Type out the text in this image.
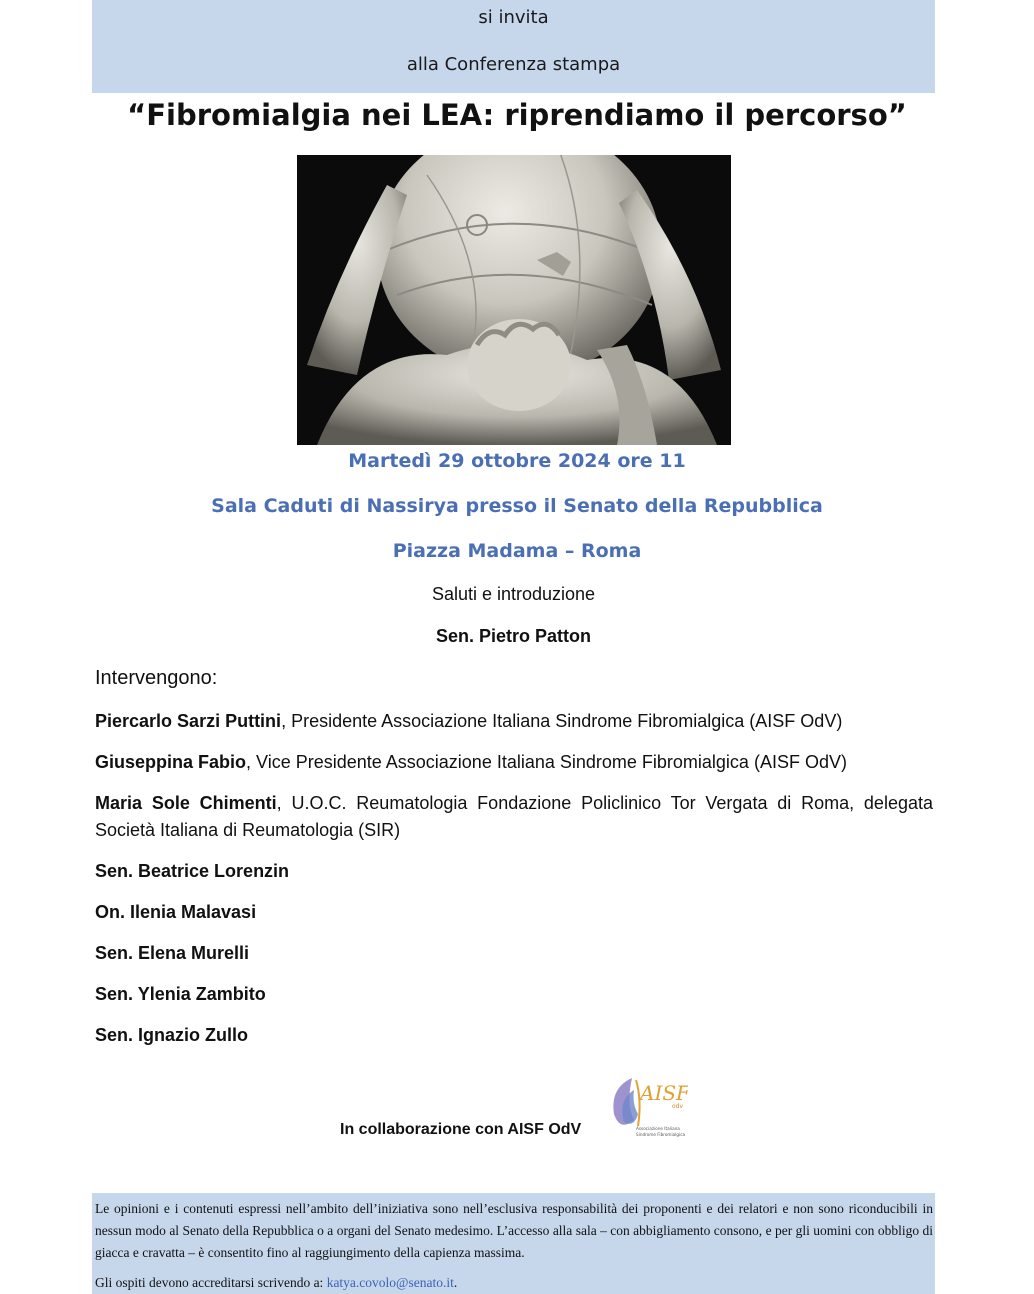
si invita
alla Conferenza stampa
“Fibromialgia nei LEA: riprendiamo il percorso”
Martedì 29 ottobre 2024 ore 11
Sala Caduti di Nassirya presso il Senato della Repubblica
Piazza Madama – Roma
Saluti e introduzione
Sen. Pietro Patton
Intervengono:

Piercarlo Sarzi Puttini, Presidente Associazione Italiana Sindrome Fibromialgica (AISF OdV)

Giuseppina Fabio, Vice Presidente Associazione Italiana Sindrome Fibromialgica (AISF OdV)

Maria Sole Chimenti, U.O.C. Reumatologia Fondazione Policlinico Tor Vergata di Roma, delegata Società Italiana di Reumatologia (SIR)

Sen. Beatrice Lorenzin

On. Ilenia Malavasi

Sen. Elena Murelli

Sen. Ylenia Zambito

Sen. Ignazio Zullo

In collaborazione con AISF OdV
AISF
odv
Associazione Italiana
Sindrome Fibromialgica
Le opinioni e i contenuti espressi nell’ambito dell’iniziativa sono nell’esclusiva responsabilità dei proponenti e dei relatori e non sono riconducibili in nessun modo al Senato della Repubblica o a organi del Senato medesimo. L’accesso alla sala – con abbigliamento consono, e per gli uomini con obbligo di giacca e cravatta – è consentito fino al raggiungimento della capienza massima.
Gli ospiti devono accreditarsi scrivendo a: katya.covolo@senato.it.
